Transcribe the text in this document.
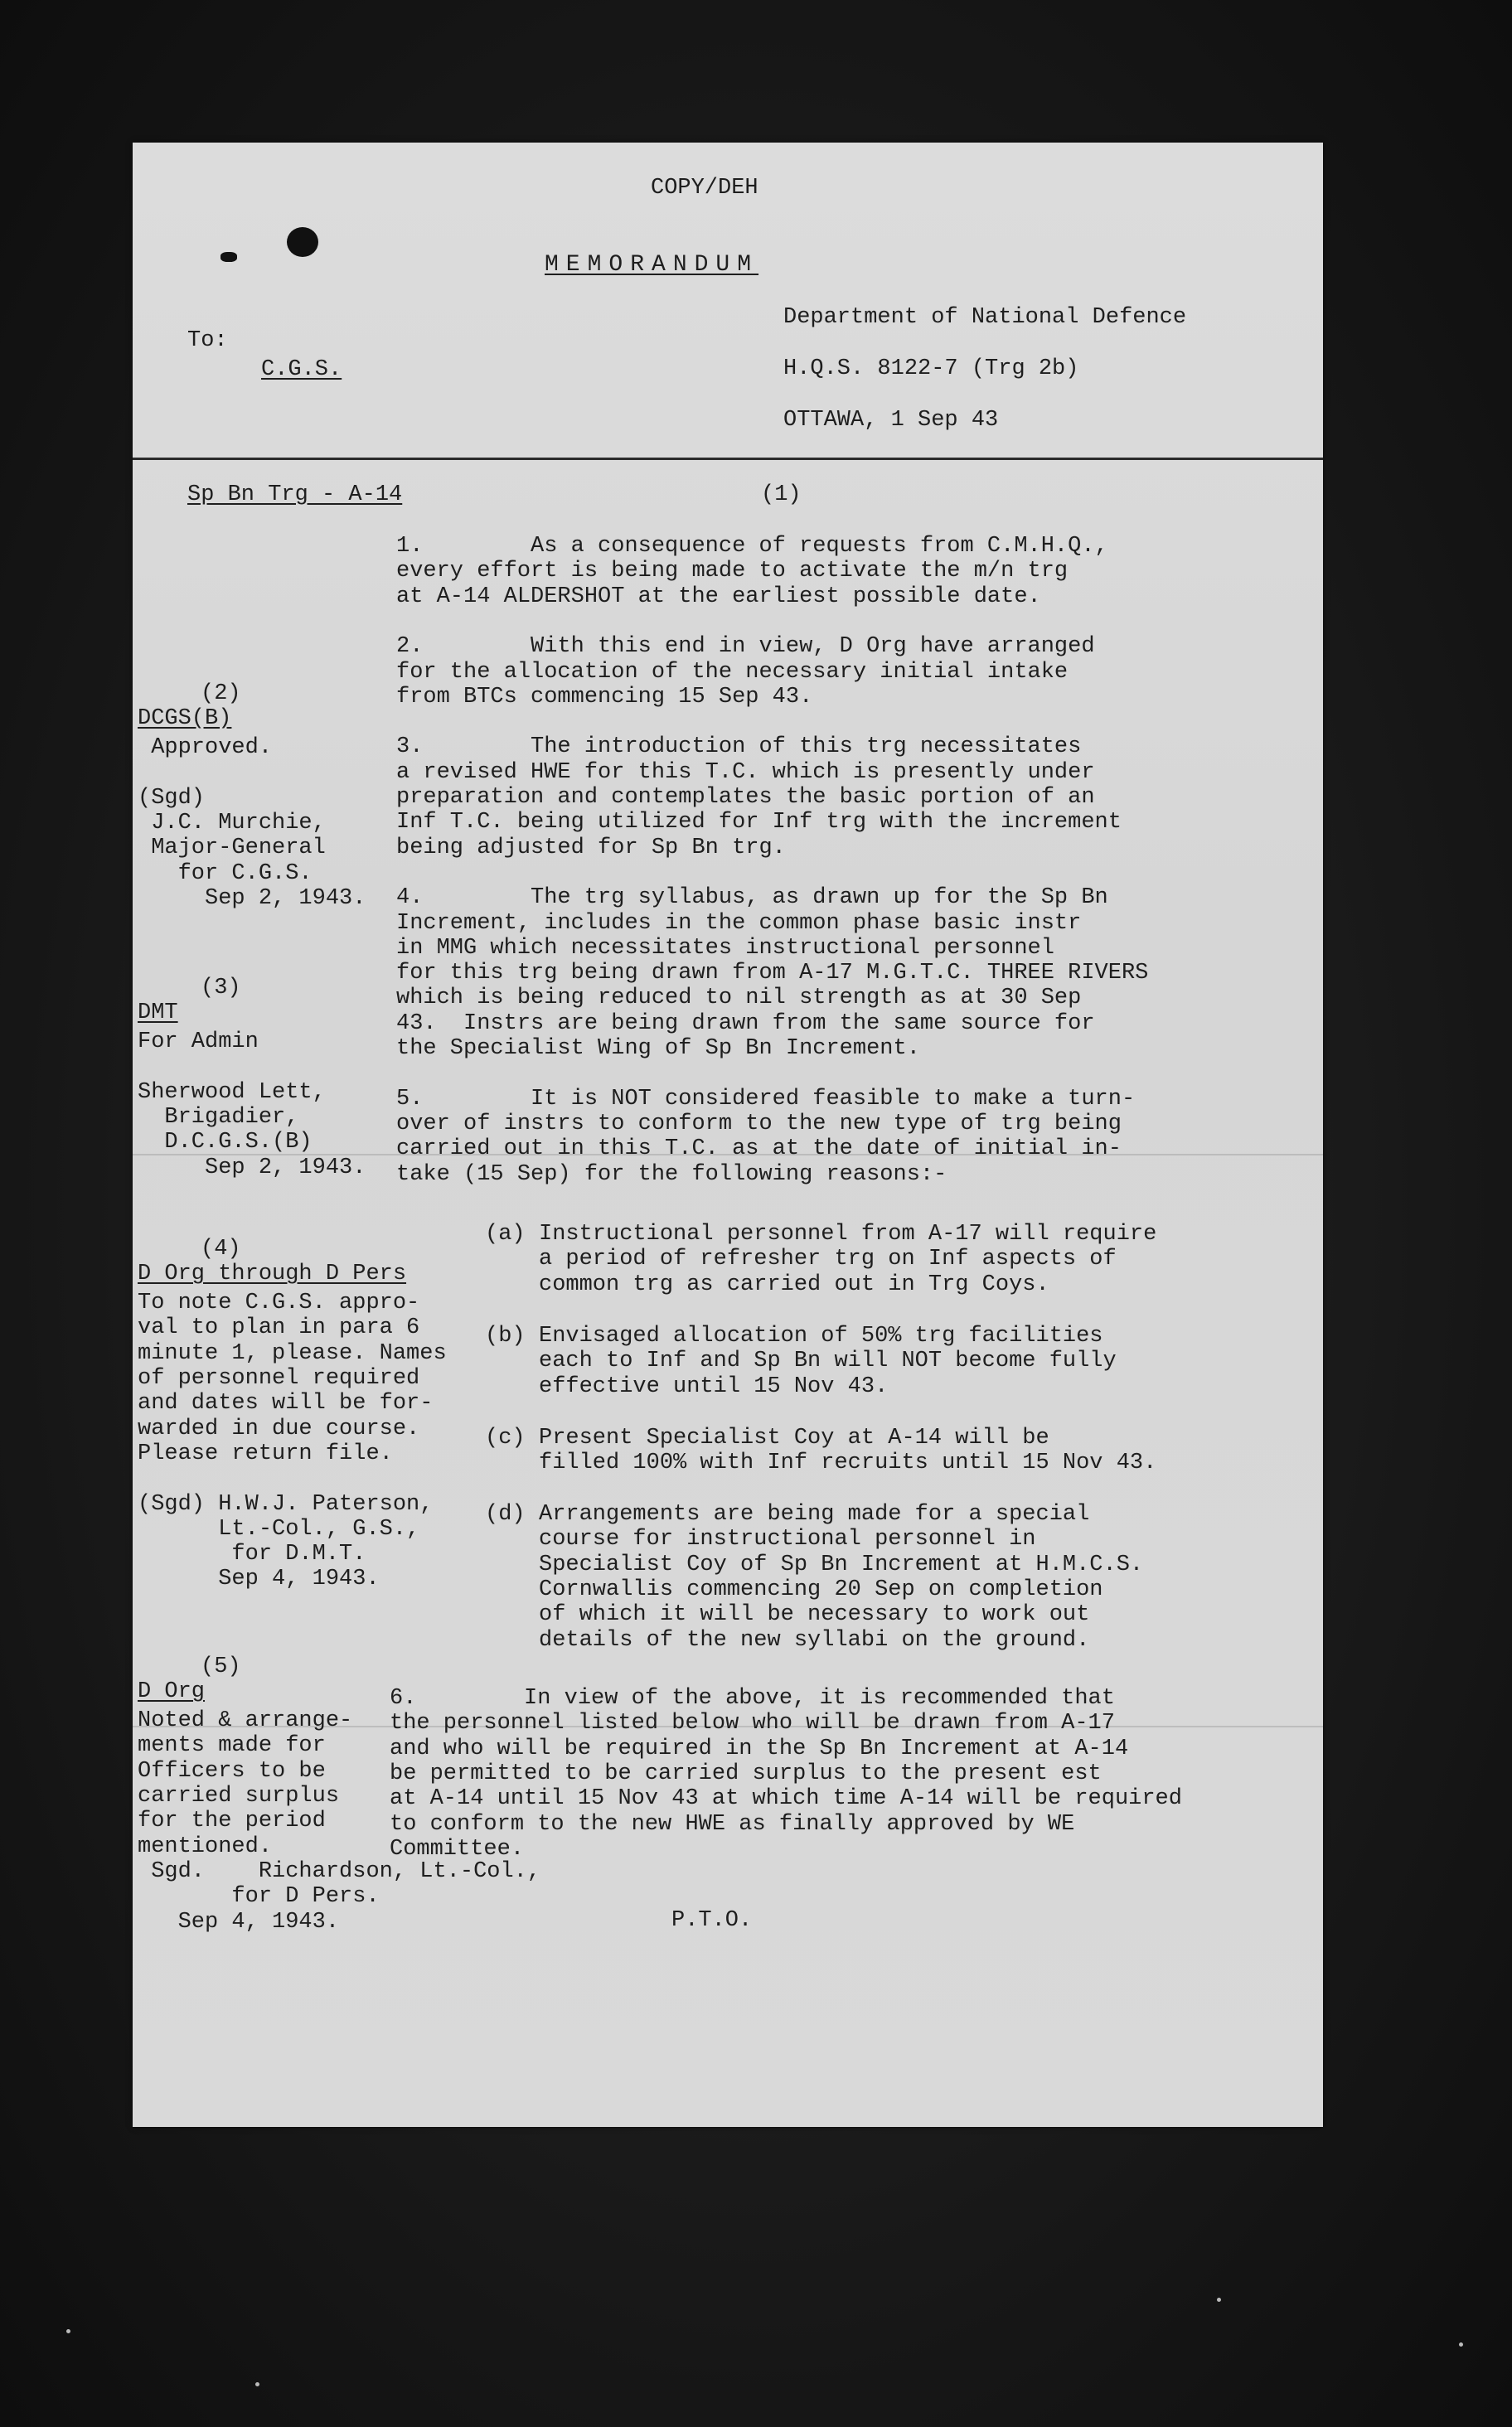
COPY/DEH
MEMORANDUM
To:
C.G.S.
Department of National Defence
H.Q.S. 8122-7 (Trg 2b)
OTTAWA, 1 Sep 43
Sp Bn Trg - A-14	(1)
1.        As a consequence of requests from C.M.H.Q.,
every effort is being made to activate the m/n trg
at A-14 ALDERSHOT at the earliest possible date.
2.        With this end in view, D Org have arranged
for the allocation of the necessary initial intake
from BTCs commencing 15 Sep 43.
3.        The introduction of this trg necessitates
a revised HWE for this T.C. which is presently under
preparation and contemplates the basic portion of an
Inf T.C. being utilized for Inf trg with the increment
being adjusted for Sp Bn trg.
4.        The trg syllabus, as drawn up for the Sp Bn
Increment, includes in the common phase basic instr
in MMG which necessitates instructional personnel
for this trg being drawn from A-17 M.G.T.C. THREE RIVERS
which is being reduced to nil strength as at 30 Sep
43.  Instrs are being drawn from the same source for
the Specialist Wing of Sp Bn Increment.
5.        It is NOT considered feasible to make a turn-
over of instrs to conform to the new type of trg being
carried out in this T.C. as at the date of initial in-
take (15 Sep) for the following reasons:-
(a) Instructional personnel from A-17 will require
a period of refresher trg on Inf aspects of
common trg as carried out in Trg Coys.
(b) Envisaged allocation of 50% trg facilities
each to Inf and Sp Bn will NOT become fully
effective until 15 Nov 43.
(c) Present Specialist Coy at A-14 will be
filled 100% with Inf recruits until 15 Nov 43.
(d) Arrangements are being made for a special
course for instructional personnel in
Specialist Coy of Sp Bn Increment at H.M.C.S.
Cornwallis commencing 20 Sep on completion
of which it will be necessary to work out
details of the new syllabi on the ground.
6.        In view of the above, it is recommended that
the personnel listed below who will be drawn from A-17
and who will be required in the Sp Bn Increment at A-14
be permitted to be carried surplus to the present est
at A-14 until 15 Nov 43 at which time A-14 will be required
to conform to the new HWE as finally approved by WE
Committee.
(2)
DCGS(B)
Approved.
(Sgd)
J.C. Murchie,
Major-General
for C.G.S.
Sep 2, 1943.
(3)
DMT
For Admin
Sherwood Lett,
Brigadier,
D.C.G.S.(B)
Sep 2, 1943.
(4)
D Org through D Pers
To note C.G.S. appro-
val to plan in para 6
minute 1, please. Names
of personnel required
and dates will be for-
warded in due course.
Please return file.
(Sgd) H.W.J. Paterson,
Lt.-Col., G.S.,
for D.M.T.
Sep 4, 1943.
(5)
D Org
Noted & arrange-
ments made for
Officers to be
carried surplus
for the period
mentioned.
Sgd.    Richardson, Lt.-Col.,
for D Pers.
Sep 4, 1943.	P.T.O.
